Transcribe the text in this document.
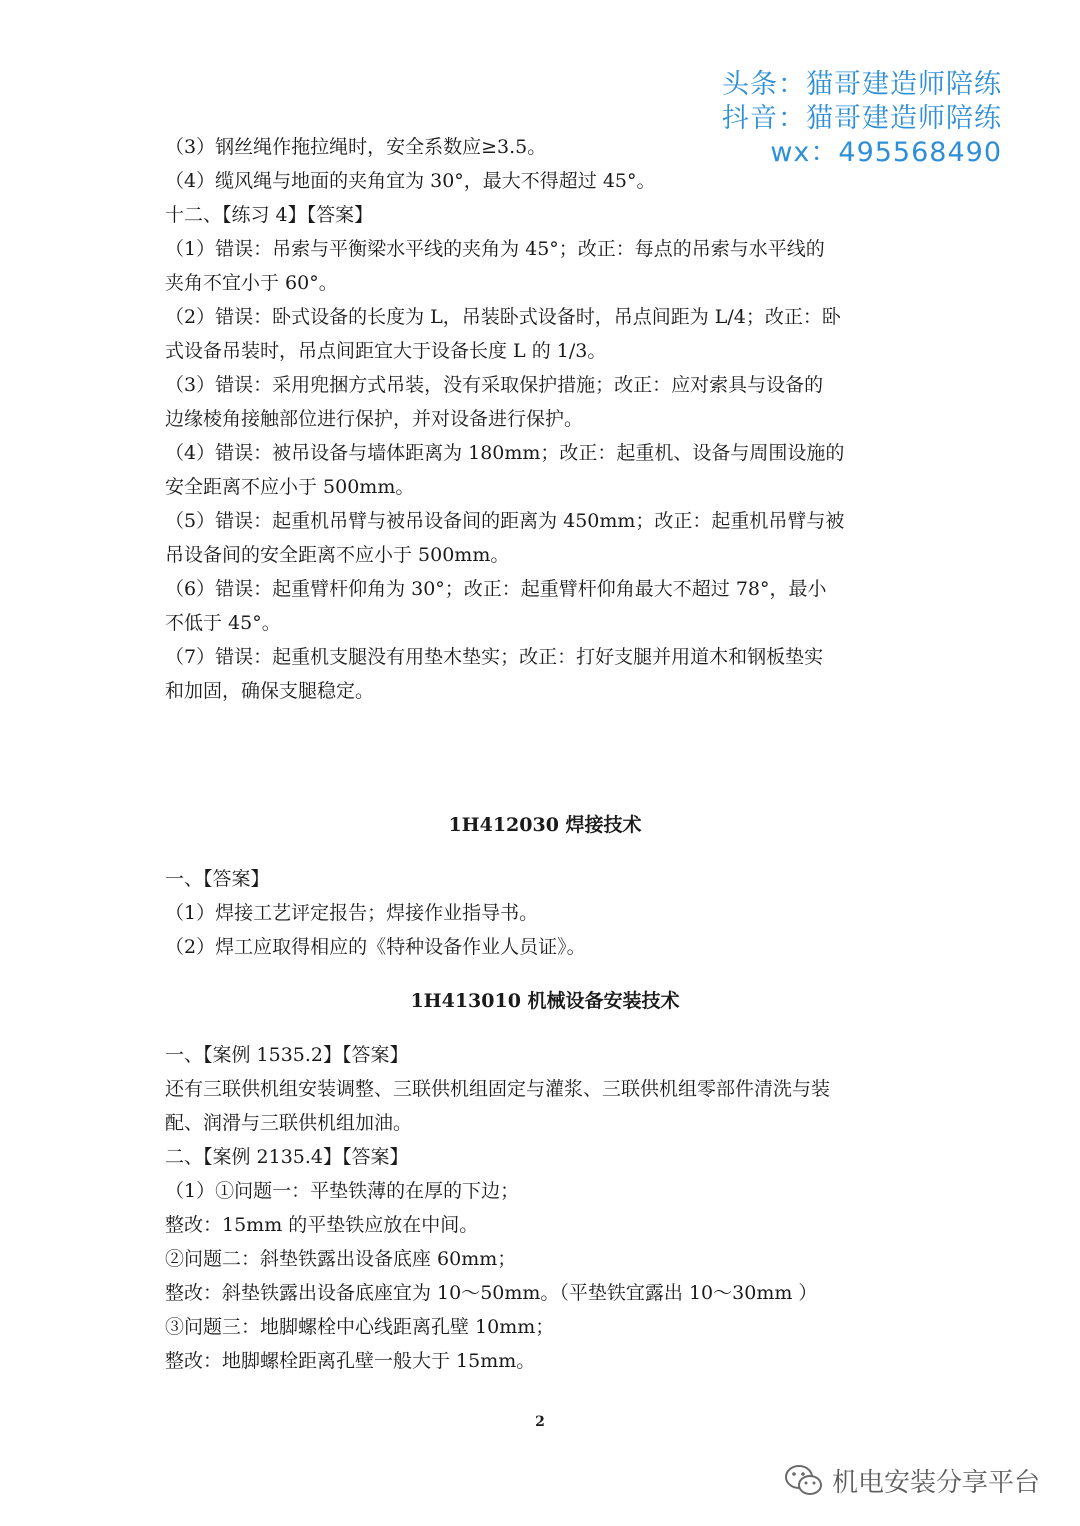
头条：猫哥建造师陪练
抖音：猫哥建造师陪练
wx：495568490
（3）钢丝绳作拖拉绳时，安全系数应≥3.5。
（4）缆风绳与地面的夹角宜为 30°，最大不得超过 45°。
十二、【练习 4】【答案】
（1）错误：吊索与平衡梁水平线的夹角为 45°；改正：每点的吊索与水平线的
夹角不宜小于 60°。
（2）错误：卧式设备的长度为 L，吊装卧式设备时，吊点间距为 L/4；改正：卧
式设备吊装时，吊点间距宜大于设备长度 L 的 1/3。
（3）错误：采用兜捆方式吊装，没有采取保护措施；改正：应对索具与设备的
边缘棱角接触部位进行保护，并对设备进行保护。
（4）错误：被吊设备与墙体距离为 180mm；改正：起重机、设备与周围设施的
安全距离不应小于 500mm。
（5）错误：起重机吊臂与被吊设备间的距离为 450mm；改正：起重机吊臂与被
吊设备间的安全距离不应小于 500mm。
（6）错误：起重臂杆仰角为 30°；改正：起重臂杆仰角最大不超过 78°，最小
不低于 45°。
（7）错误：起重机支腿没有用垫木垫实；改正：打好支腿并用道木和钢板垫实
和加固，确保支腿稳定。
1H412030 焊接技术
一、【答案】
（1）焊接工艺评定报告；焊接作业指导书。
（2）焊工应取得相应的《特种设备作业人员证》。
1H413010 机械设备安装技术
一、【案例 1535.2】【答案】
还有三联供机组安装调整、三联供机组固定与灌浆、三联供机组零部件清洗与装
配、润滑与三联供机组加油。
二、【案例 2135.4】【答案】
（1）①问题一：平垫铁薄的在厚的下边；
整改：15mm 的平垫铁应放在中间。
②问题二：斜垫铁露出设备底座 60mm；
整改：斜垫铁露出设备底座宜为 10～50mm。（平垫铁宜露出 10～30mm ）
③问题三：地脚螺栓中心线距离孔壁 10mm；
整改：地脚螺栓距离孔壁一般大于 15mm。
2
机电安装分享平台
